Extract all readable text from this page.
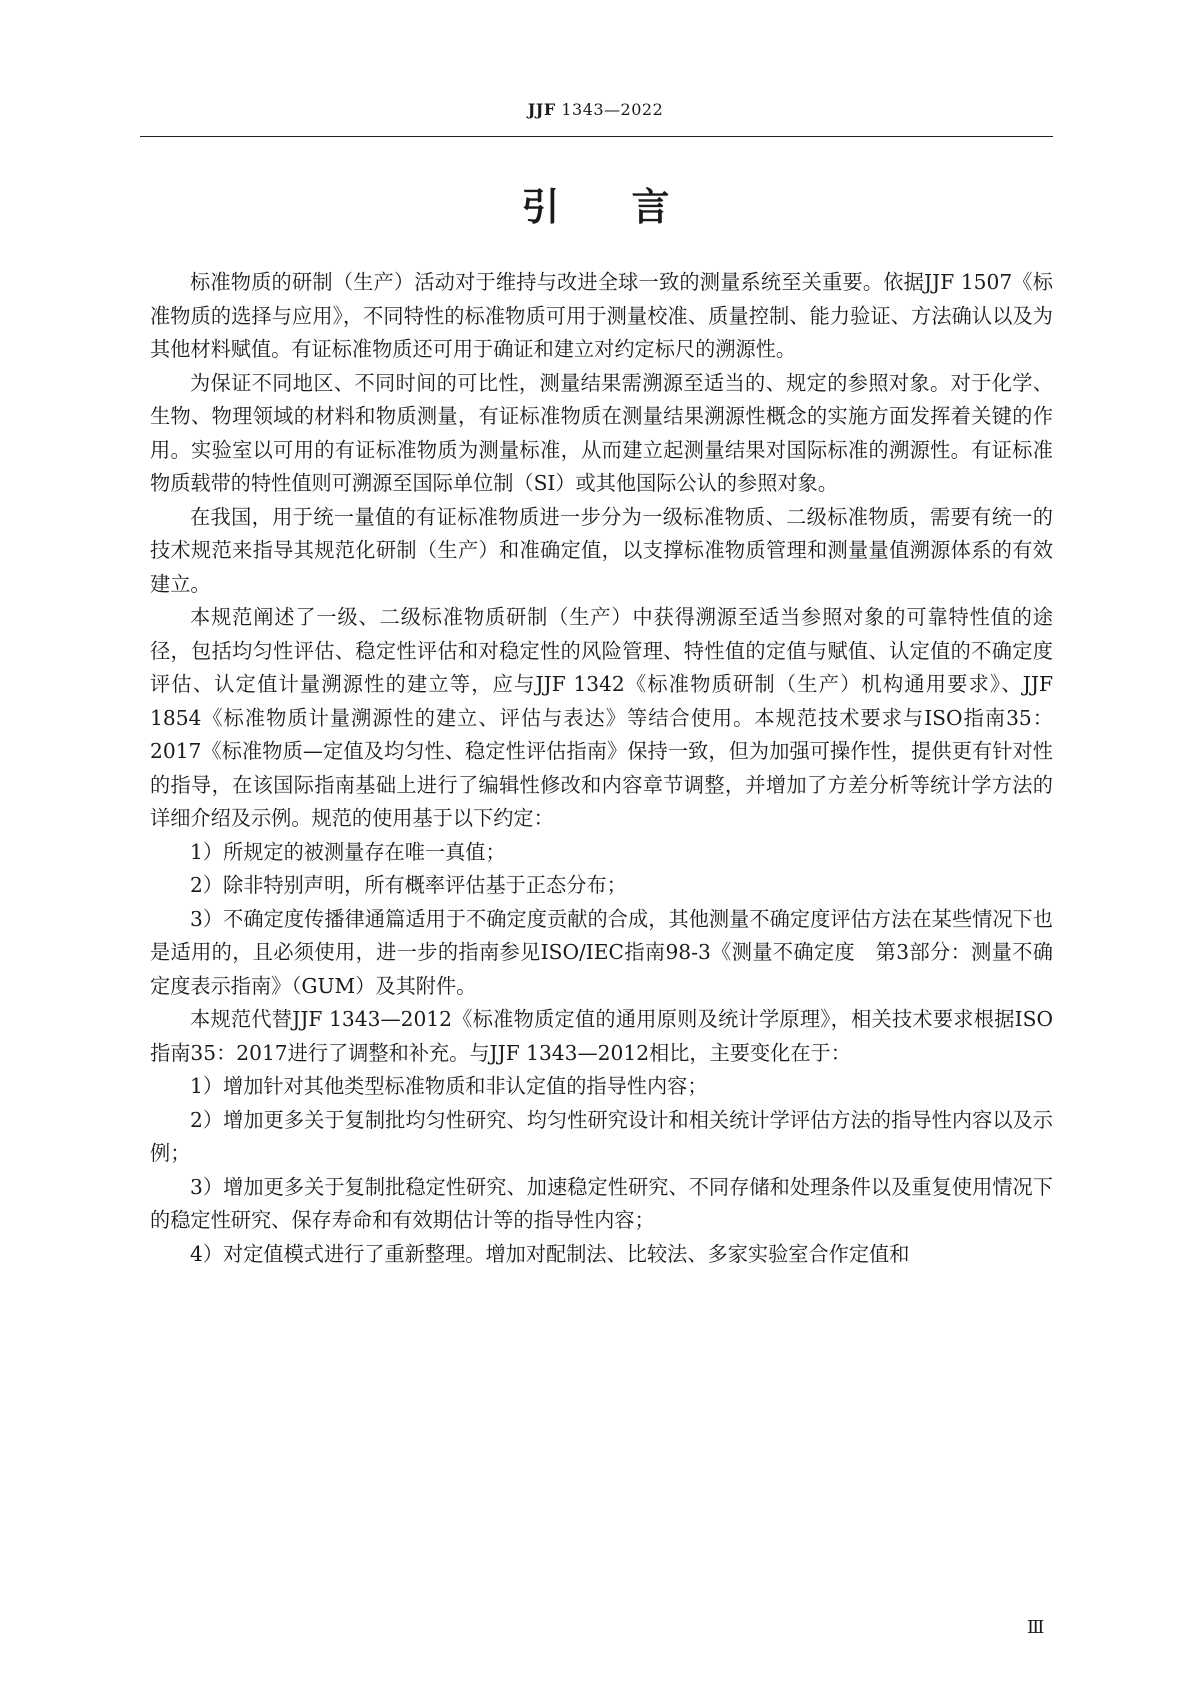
JJF 1343—2022
引言

标准物质的研制（生产）活动对于维持与改进全球一致的测量系统至关重要。依据JJF 1507《标准物质的选择与应用》，不同特性的标准物质可用于测量校准、质量控制、能力验证、方法确认以及为其他材料赋值。有证标准物质还可用于确证和建立对约定标尺的溯源性。

为保证不同地区、不同时间的可比性，测量结果需溯源至适当的、规定的参照对象。对于化学、生物、物理领域的材料和物质测量，有证标准物质在测量结果溯源性概念的实施方面发挥着关键的作用。实验室以可用的有证标准物质为测量标准，从而建立起测量结果对国际标准的溯源性。有证标准物质载带的特性值则可溯源至国际单位制（SI）或其他国际公认的参照对象。

在我国，用于统一量值的有证标准物质进一步分为一级标准物质、二级标准物质，需要有统一的技术规范来指导其规范化研制（生产）和准确定值，以支撑标准物质管理和测量量值溯源体系的有效建立。

本规范阐述了一级、二级标准物质研制（生产）中获得溯源至适当参照对象的可靠特性值的途径，包括均匀性评估、稳定性评估和对稳定性的风险管理、特性值的定值与赋值、认定值的不确定度评估、认定值计量溯源性的建立等，应与JJF 1342《标准物质研制（生产）机构通用要求》、JJF 1854《标准物质计量溯源性的建立、评估与表达》等结合使用。本规范技术要求与ISO指南35：2017《标准物质—定值及均匀性、稳定性评估指南》保持一致，但为加强可操作性，提供更有针对性的指导，在该国际指南基础上进行了编辑性修改和内容章节调整，并增加了方差分析等统计学方法的详细介绍及示例。规范的使用基于以下约定：

1）所规定的被测量存在唯一真值；

2）除非特别声明，所有概率评估基于正态分布；

3）不确定度传播律通篇适用于不确定度贡献的合成，其他测量不确定度评估方法在某些情况下也是适用的，且必须使用，进一步的指南参见ISO/IEC指南98-3《测量不确定度　第3部分：测量不确定度表示指南》（GUM）及其附件。

本规范代替JJF 1343—2012《标准物质定值的通用原则及统计学原理》，相关技术要求根据ISO指南35：2017进行了调整和补充。与JJF 1343—2012相比，主要变化在于：

1）增加针对其他类型标准物质和非认定值的指导性内容；

2）增加更多关于复制批均匀性研究、均匀性研究设计和相关统计学评估方法的指导性内容以及示例；

3）增加更多关于复制批稳定性研究、加速稳定性研究、不同存储和处理条件以及重复使用情况下的稳定性研究、保存寿命和有效期估计等的指导性内容；

4）对定值模式进行了重新整理。增加对配制法、比较法、多家实验室合作定值和

Ⅲ
